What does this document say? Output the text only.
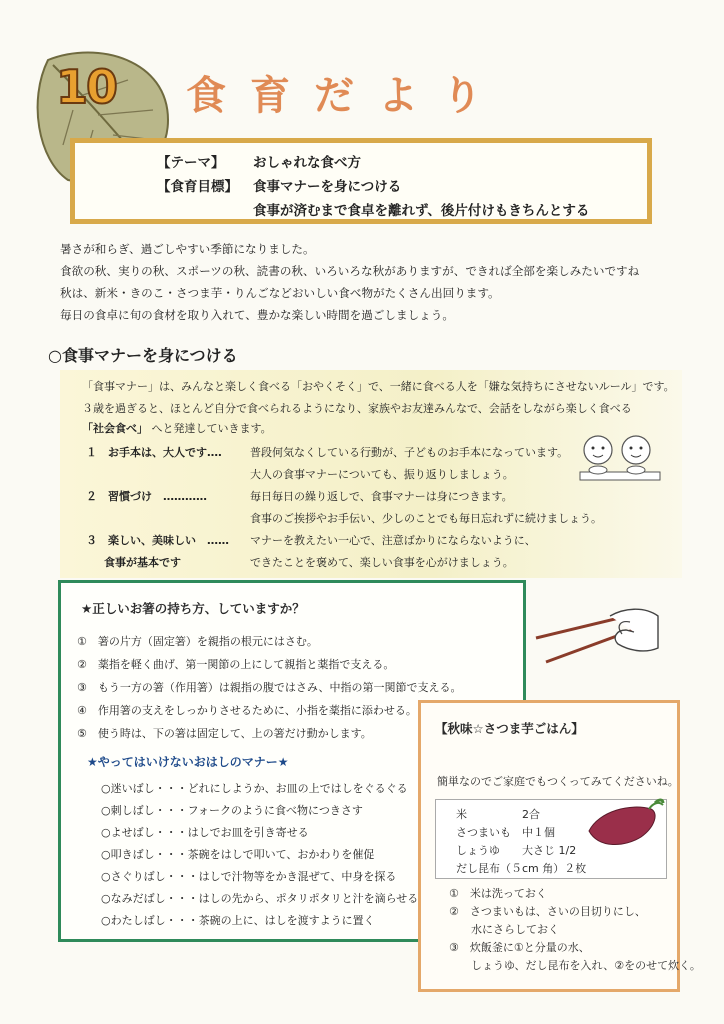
10 食育だより
【テーマ】 おしゃれな食べ方
【食育目標】 食事マナーを身につける
食事が済むまで食卓を離れず、後片付けもきちんとする
暑さが和らぎ、過ごしやすい季節になりました。
食欲の秋、実りの秋、スポーツの秋、読書の秋、いろいろな秋がありますが、できれば全部を楽しみたいですね
秋は、新米・きのこ・さつま芋・りんごなどおいしい食べ物がたくさん出回ります。
毎日の食卓に旬の食材を取り入れて、豊かな楽しい時間を過ごしましょう。
○食事マナーを身につける
「食事マナー」は、みんなと楽しく食べる「おやくそく」で、一緒に食べる人を「嫌な気持ちにさせないルール」です。
３歳を過ぎると、ほとんど自分で食べられるようになり、家族やお友達みんなで、会話をしながら楽しく食べる
「社会食べ」 へと発達していきます。
１　お手本は、大人です‥‥	普段何気なくしている行動が、子どものお手本になっています。
大人の食事マナーについても、振り返りしましょう。
２　習慣づけ　‥‥‥‥‥‥	毎日毎日の繰り返しで、食事マナーは身につきます。
食事のご挨拶やお手伝い、少しのことでも毎日忘れずに続けましょう。
３　楽しい、美味しい　‥‥‥
食事が基本です
マナーを教えたい一心で、注意ばかりにならないように、
できたことを褒めて、楽しい食事を心がけましょう。
★正しいお箸の持ち方、していますか？
①　箸の片方（固定箸）を親指の根元にはさむ。
②　薬指を軽く曲げ、第一関節の上にして親指と薬指で支える。
③　もう一方の箸（作用箸）は親指の腹ではさみ、中指の第一関節で支える。
④　作用箸の支えをしっかりさせるために、小指を薬指に添わせる。
⑤　使う時は、下の箸は固定して、上の箸だけ動かします。
★やってはいけないおはしのマナー★
○迷いばし・・・どれにしようか、お皿の上ではしをぐるぐる
○刺しばし・・・フォークのように食べ物につきさす
○よせばし・・・はしでお皿を引き寄せる
○叩きばし・・・茶碗をはしで叩いて、おかわりを催促
○さぐりばし・・・はしで汁物等をかき混ぜて、中身を探る
○なみだばし・・・はしの先から、ポタリポタリと汁を滴らせる
○わたしばし・・・茶碗の上に、はしを渡すように置く
【秋味☆さつま芋ごはん】
簡単なのでご家庭でもつくってみてくださいね。
米　　　　　2合
さつまいも　中１個
しょうゆ　　大さじ 1/2
だし昆布（５cm 角）２枚
①　米は洗っておく
②　さつまいもは、さいの目切りにし、
　　水にさらしておく
③　炊飯釜に①と分量の水、
　　しょうゆ、だし昆布を入れ、②をのせて炊く。
